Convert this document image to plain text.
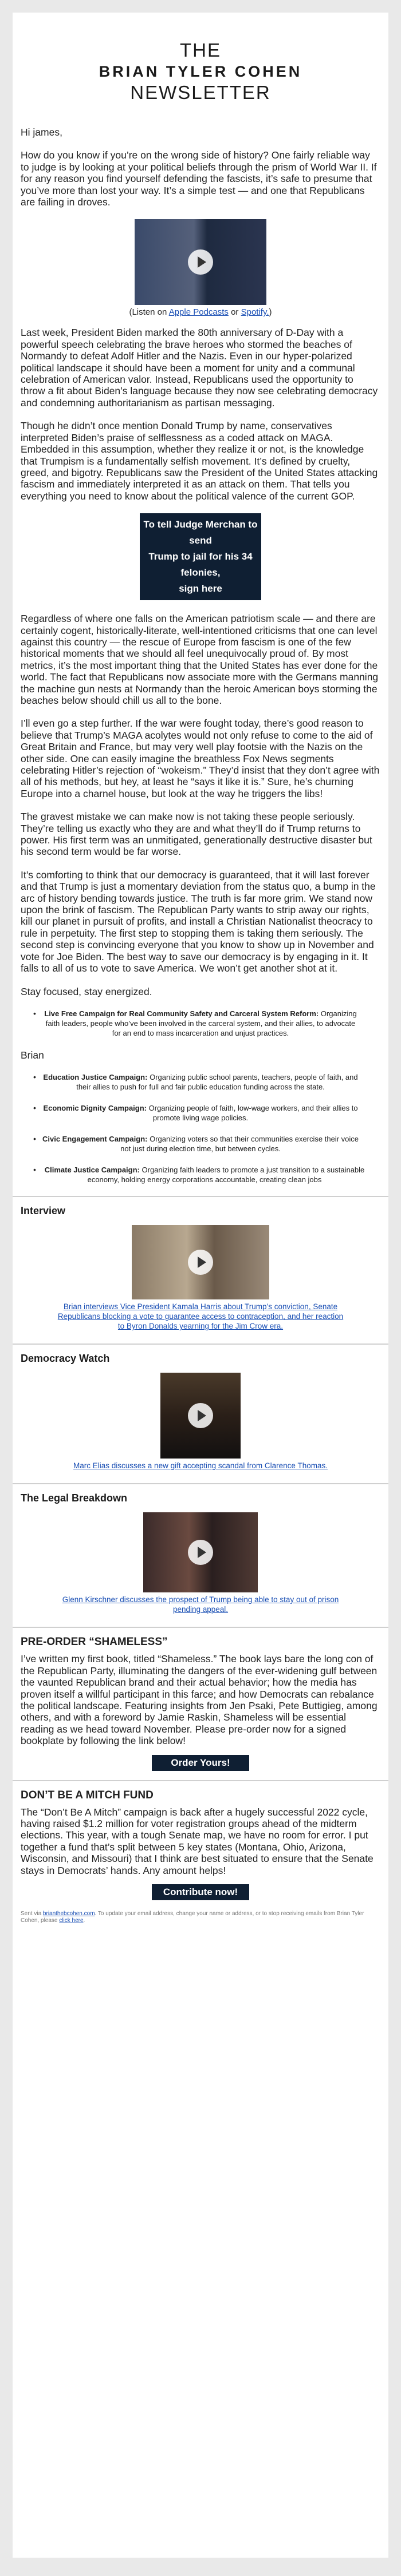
THE
BRIAN TYLER COHEN
NEWSLETTER

Hi james,

How do you know if you’re on the wrong side of history? One fairly reliable way to judge is by looking at your political beliefs through the prism of World War II. If for any reason you find yourself defending the fascists, it’s safe to presume that you’ve more than lost your way. It’s a simple test — and one that Republicans are failing in droves.

(Listen on Apple Podcasts or Spotify.)

Last week, President Biden marked the 80th anniversary of D-Day with a powerful speech celebrating the brave heroes who stormed the beaches of Normandy to defeat Adolf Hitler and the Nazis. Even in our hyper-polarized political landscape it should have been a moment for unity and a communal celebration of American valor. Instead, Republicans used the opportunity to throw a fit about Biden’s language because they now see celebrating democracy and condemning authoritarianism as partisan messaging.

Though he didn’t once mention Donald Trump by name, conservatives interpreted Biden’s praise of selflessness as a coded attack on MAGA. Embedded in this assumption, whether they realize it or not, is the knowledge that Trumpism is a fundamentally selfish movement. It’s defined by cruelty, greed, and bigotry. Republicans saw the President of the United States attacking fascism and immediately interpreted it as an attack on them. That tells you everything you need to know about the political valence of the current GOP.

To tell Judge Merchan to send
Trump to jail for his 34 felonies,
sign here

Regardless of where one falls on the American patriotism scale — and there are certainly cogent, historically-literate, well-intentioned criticisms that one can level against this country — the rescue of Europe from fascism is one of the few historical moments that we should all feel unequivocally proud of. By most metrics, it’s the most important thing that the United States has ever done for the world. The fact that Republicans now associate more with the Germans manning the machine gun nests at Normandy than the heroic American boys storming the beaches below should chill us all to the bone.

I’ll even go a step further. If the war were fought today, there’s good reason to believe that Trump’s MAGA acolytes would not only refuse to come to the aid of Great Britain and France, but may very well play footsie with the Nazis on the other side. One can easily imagine the breathless Fox News segments celebrating Hitler’s rejection of “wokeism.” They’d insist that they don’t agree with all of his methods, but hey, at least he “says it like it is.” Sure, he’s churning Europe into a charnel house, but look at the way he triggers the libs!

The gravest mistake we can make now is not taking these people seriously. They’re telling us exactly who they are and what they’ll do if Trump returns to power. His first term was an unmitigated, generationally destructive disaster but his second term would be far worse.

It’s comforting to think that our democracy is guaranteed, that it will last forever and that Trump is just a momentary deviation from the status quo, a bump in the arc of history bending towards justice. The truth is far more grim. We stand now upon the brink of fascism. The Republican Party wants to strip away our rights, kill our planet in pursuit of profits, and install a Christian Nationalist theocracy to rule in perpetuity. The first step to stopping them is taking them seriously. The second step is convincing everyone that you know to show up in November and vote for Joe Biden. The best way to save our democracy is by engaging in it. It falls to all of us to vote to save America. We won’t get another shot at it.

Stay focused, stay energized.

• Live Free Campaign for Real Community Safety and Carceral System Reform: Organizing faith leaders, people who’ve been involved in the carceral system, and their allies, to advocate for an end to mass incarceration and unjust practices.

Brian

• Education Justice Campaign: Organizing public school parents, teachers, people of faith, and their allies to push for full and fair public education funding across the state.
• Economic Dignity Campaign: Organizing people of faith, low-wage workers, and their allies to promote living wage policies.
• Civic Engagement Campaign: Organizing voters so that their communities exercise their voice not just during election time, but between cycles.
• Climate Justice Campaign: Organizing faith leaders to promote a just transition to a sustainable economy, holding energy corporations accountable, creating clean jobs
Interview
Brian interviews Vice President Kamala Harris about Trump’s conviction, Senate Republicans blocking a vote to guarantee access to contraception, and her reaction to Byron Donalds yearning for the Jim Crow era.
Democracy Watch
Marc Elias discusses a new gift accepting scandal from Clarence Thomas.
The Legal Breakdown
Glenn Kirschner discusses the prospect of Trump being able to stay out of prison pending appeal.
PRE-ORDER “SHAMELESS”

I’ve written my first book, titled “Shameless.” The book lays bare the long con of the Republican Party, illuminating the dangers of the ever-widening gulf between the vaunted Republican brand and their actual behavior; how the media has proven itself a willful participant in this farce; and how Democrats can rebalance the political landscape. Featuring insights from Jen Psaki, Pete Buttigieg, among others, and with a foreword by Jamie Raskin, Shameless will be essential reading as we head toward November. Please pre-order now for a signed bookplate by following the link below!

Order Yours!
DON’T BE A MITCH FUND

The “Don’t Be A Mitch” campaign is back after a hugely successful 2022 cycle, having raised $1.2 million for voter registration groups ahead of the midterm elections. This year, with a tough Senate map, we have no room for error. I put together a fund that’s split between 5 key states (Montana, Ohio, Arizona, Wisconsin, and Missouri) that I think are best situated to ensure that the Senate stays in Democrats’ hands. Any amount helps!

Contribute now!
Sent via brianthebcohen.com. To update your email address, change your name or address, or to stop receiving emails from Brian Tyler Cohen, please click here.
